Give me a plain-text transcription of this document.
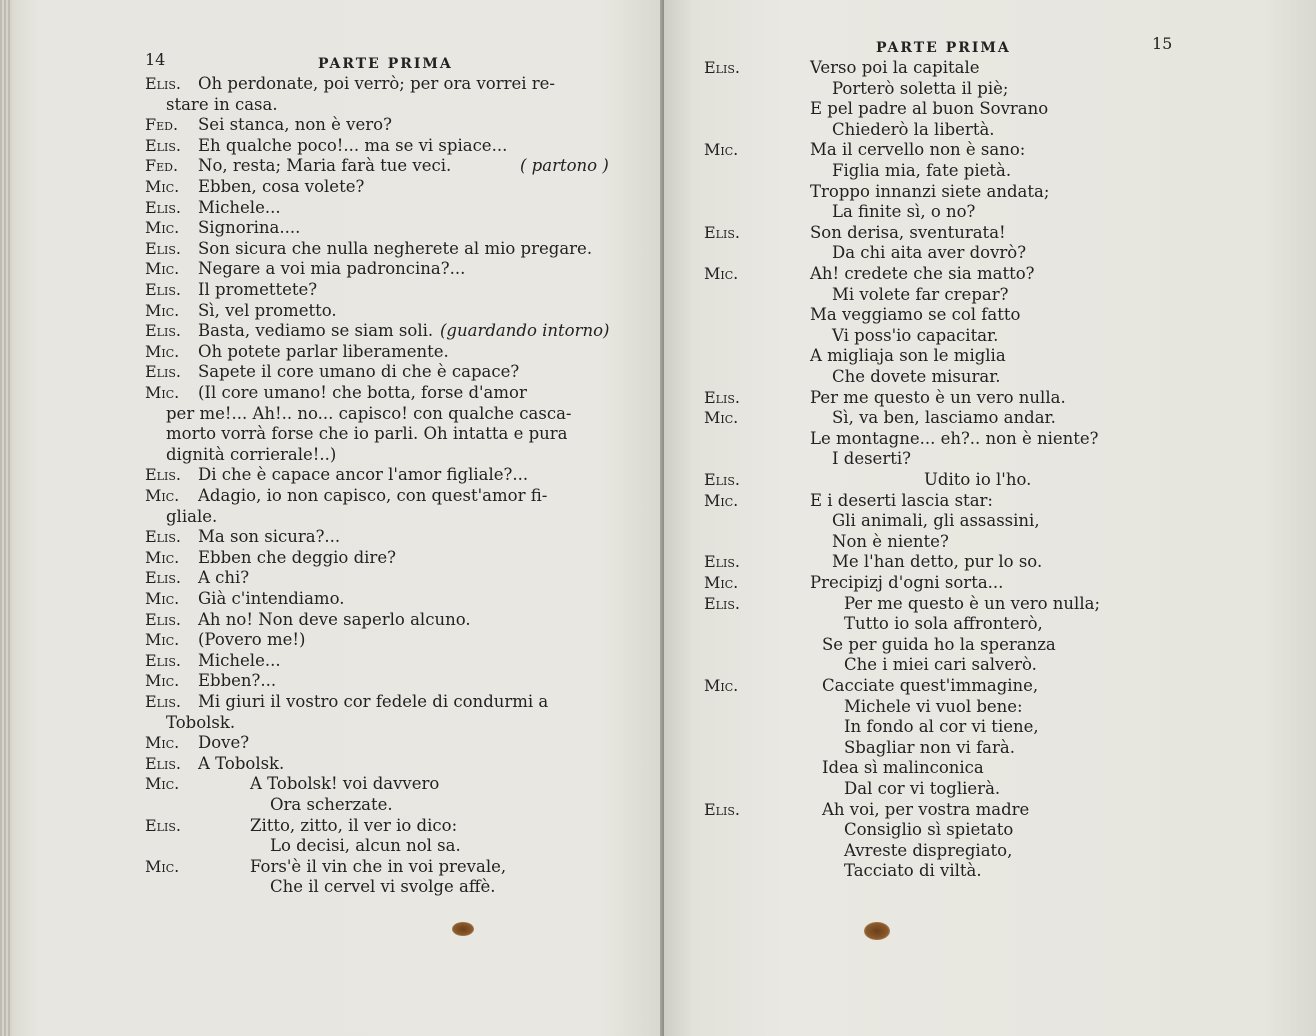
14	PARTE PRIMA
Elis. Oh perdonate, poi verrò; per ora vorrei re-
stare in casa.
Fed. Sei stanca, non è vero?
Elis. Eh qualche poco!... ma se vi spiace...
Fed. No, resta; Maria farà tue veci.	( partono )
Mic. Ebben, cosa volete?
Elis. Michele...
Mic. Signorina....
Elis. Son sicura che nulla negherete al mio pregare.
Mic. Negare a voi mia padroncina?...
Elis. Il promettete?
Mic. Sì, vel prometto.
Elis. Basta, vediamo se siam soli. (guardando intorno)
Mic. Oh potete parlar liberamente.
Elis. Sapete il core umano di che è capace?
Mic. (Il core umano! che botta, forse d'amor
per me!... Ah!.. no... capisco! con qualche casca-
morto vorrà forse che io parli. Oh intatta e pura
dignità corrierale!..)
Elis. Di che è capace ancor l'amor figliale?...
Mic. Adagio, io non capisco, con quest'amor fi-
gliale.
Elis. Ma son sicura?...
Mic. Ebben che deggio dire?
Elis. A chi?
Mic. Già c'intendiamo.
Elis. Ah no! Non deve saperlo alcuno.
Mic. (Povero me!)
Elis. Michele...
Mic. Ebben?...
Elis. Mi giuri il vostro cor fedele di condurmi a
Tobolsk.
Mic. Dove?
Elis. A Tobolsk.
Mic.	A Tobolsk! voi davvero
Ora scherzate.
Elis.	Zitto, zitto, il ver io dico:
Lo decisi, alcun nol sa.
Mic.	Fors'è il vin che in voi prevale,
Che il cervel vi svolge affè.
PARTE PRIMA	15
Elis.	Verso poi la capitale
Porterò soletta il piè;
E pel padre al buon Sovrano
Chiederò la libertà.
Mic.	Ma il cervello non è sano:
Figlia mia, fate pietà.
Troppo innanzi siete andata;
La finite sì, o no?
Elis.	Son derisa, sventurata!
Da chi aita aver dovrò?
Mic.	Ah! credete che sia matto?
Mi volete far crepar?
Ma veggiamo se col fatto
Vi poss'io capacitar.
A migliaja son le miglia
Che dovete misurar.
Elis.	Per me questo è un vero nulla.
Mic.	Sì, va ben, lasciamo andar.
Le montagne... eh?.. non è niente?
I deserti?
Elis.	Udito io l'ho.
Mic.	E i deserti lascia star:
Gli animali, gli assassini,
Non è niente?
Elis.	Me l'han detto, pur lo so.
Mic.	Precipizj d'ogni sorta...
Elis.	Per me questo è un vero nulla;
Tutto io sola affronterò,
Se per guida ho la speranza
Che i miei cari salverò.
Mic.	Cacciate quest'immagine,
Michele vi vuol bene:
In fondo al cor vi tiene,
Sbagliar non vi farà.
Idea sì malinconica
Dal cor vi toglierà.
Elis.	Ah voi, per vostra madre
Consiglio sì spietato
Avreste dispregiato,
Tacciato di viltà.
